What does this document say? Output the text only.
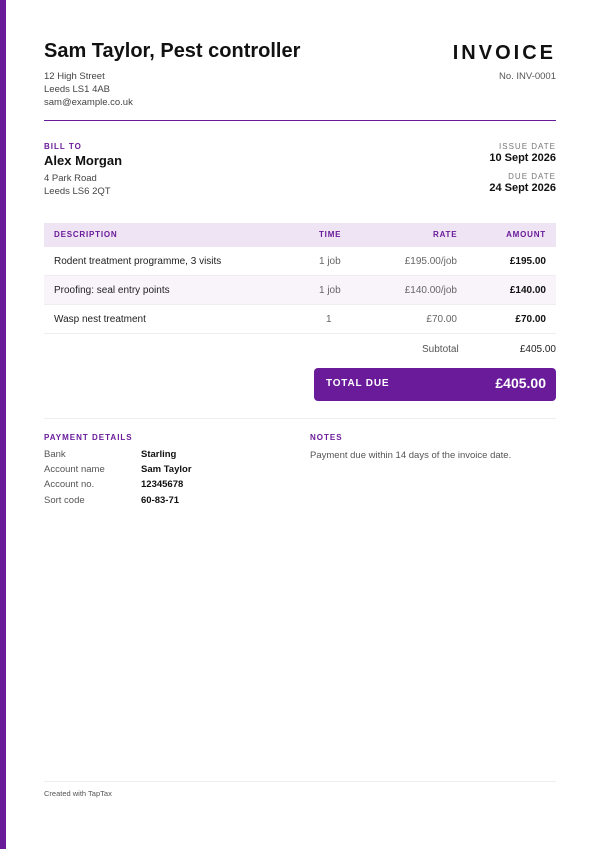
Sam Taylor, Pest controller
12 High Street
Leeds LS1 4AB
sam@example.co.uk
INVOICE
No. INV-0001
BILL TO
Alex Morgan
4 Park Road
Leeds LS6 2QT
ISSUE DATE
10 Sept 2026
DUE DATE
24 Sept 2026
DESCRIPTION	TIME	RATE	AMOUNT
Rodent treatment programme, 3 visits	1 job	£195.00/job	£195.00
Proofing: seal entry points	1 job	£140.00/job	£140.00
Wasp nest treatment	1	£70.00	£70.00
Subtotal	£405.00
TOTAL DUE	£405.00
PAYMENT DETAILS
Bank	Starling
Account name	Sam Taylor
Account no.	12345678
Sort code	60-83-71
NOTES
Payment due within 14 days of the invoice date.
Created with TapTax
